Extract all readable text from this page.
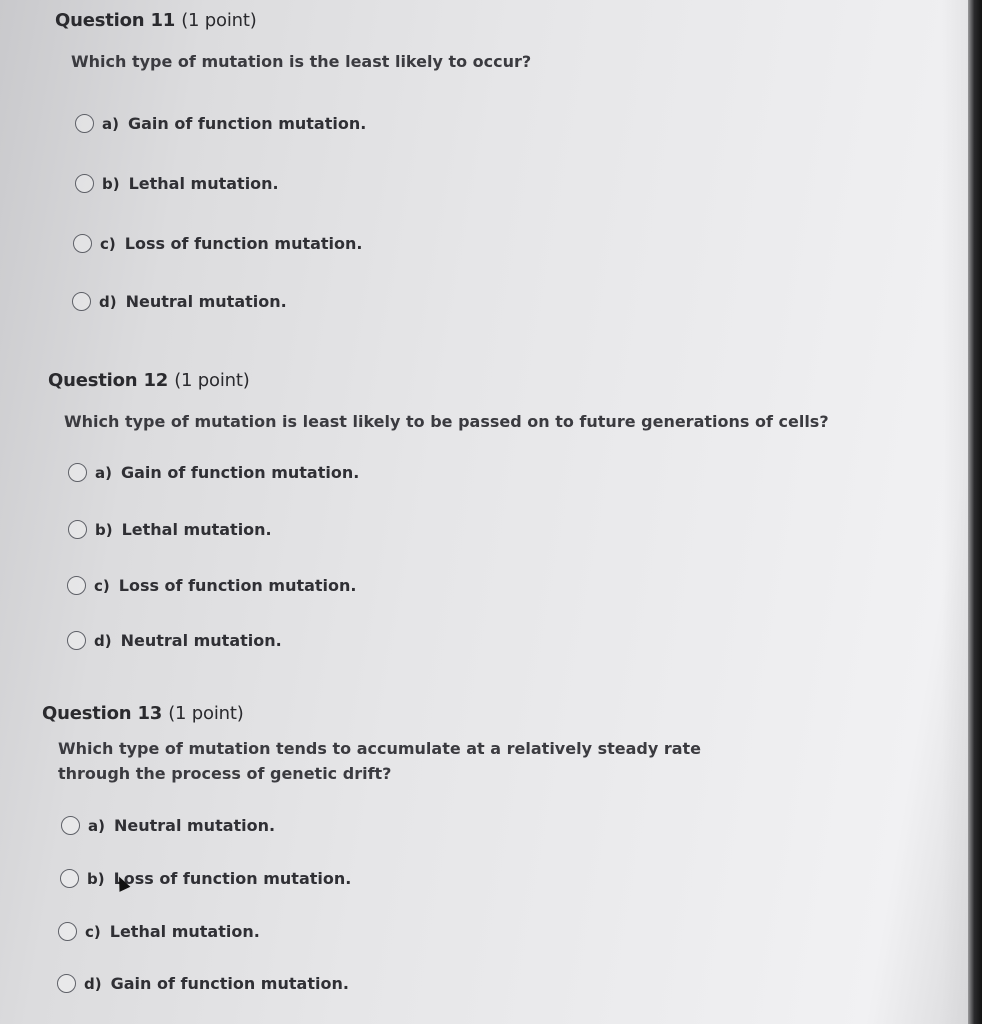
Question 11 (1 point)
Which type of mutation is the least likely to occur?
a) Gain of function mutation.
b) Lethal mutation.
c) Loss of function mutation.
d) Neutral mutation.
Question 12 (1 point)
Which type of mutation is least likely to be passed on to future generations of cells?
a) Gain of function mutation.
b) Lethal mutation.
c) Loss of function mutation.
d) Neutral mutation.
Question 13 (1 point)
Which type of mutation tends to accumulate at a relatively steady rate through the process of genetic drift?
a) Neutral mutation.
b) Loss of function mutation.
c) Lethal mutation.
d) Gain of function mutation.
